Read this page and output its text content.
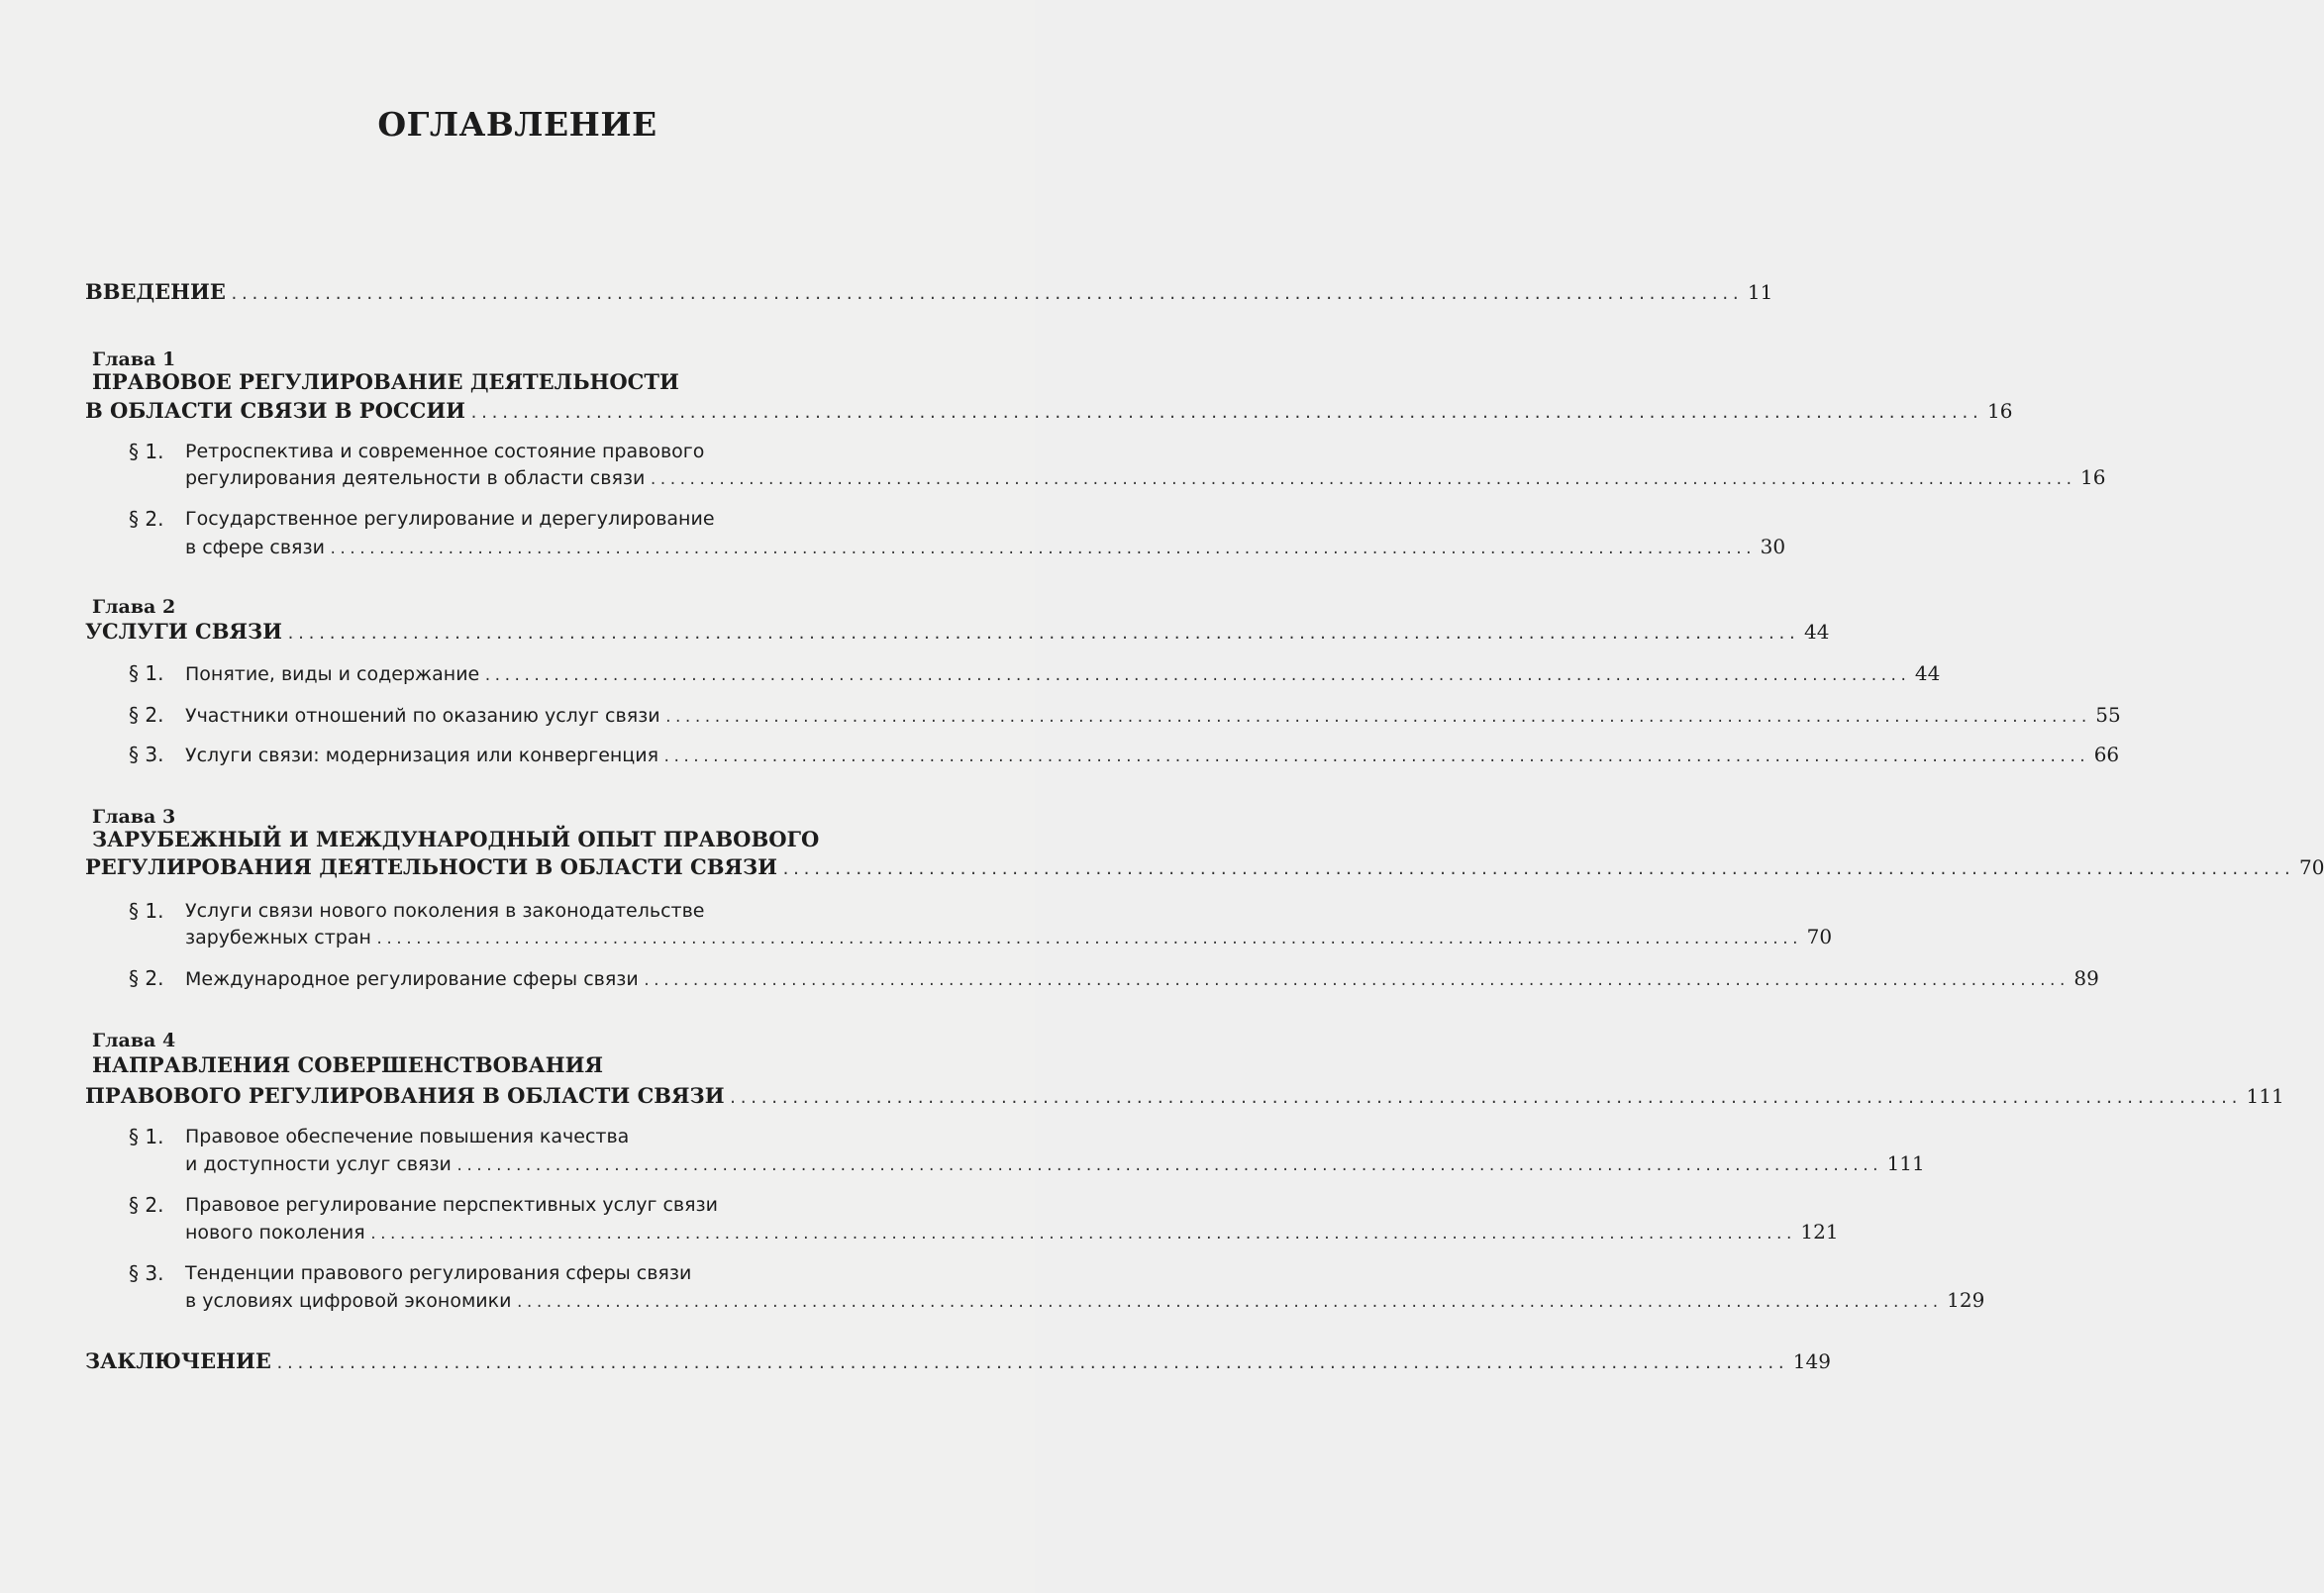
ОГЛАВЛЕНИЕ
ВВЕДЕНИЕ ................................................................................................................................................. 11
Глава 1
ПРАВОВОЕ РЕГУЛИРОВАНИЕ ДЕЯТЕЛЬНОСТИ
В ОБЛАСТИ СВЯЗИ В РОССИИ ................................................................................................................................................. 16
§ 1. Ретроспектива и современное состояние правового
регулирования деятельности в области связи ................................................................................................................................................. 16
§ 2. Государственное регулирование и дерегулирование
в сфере связи ................................................................................................................................................. 30
Глава 2
УСЛУГИ СВЯЗИ ................................................................................................................................................. 44
§ 1.	Понятие, виды и содержание ................................................................................................................................................. 44
§ 2.	Участники отношений по оказанию услуг связи ................................................................................................................................................. 55
§ 3.	Услуги связи: модернизация или конвергенция ................................................................................................................................................. 66
Глава 3
ЗАРУБЕЖНЫЙ И МЕЖДУНАРОДНЫЙ ОПЫТ ПРАВОВОГО
РЕГУЛИРОВАНИЯ ДЕЯТЕЛЬНОСТИ В ОБЛАСТИ СВЯЗИ ................................................................................................................................................. 70
§ 1. Услуги связи нового поколения в законодательстве
зарубежных стран ................................................................................................................................................. 70
§ 2.	Международное регулирование сферы связи ................................................................................................................................................. 89
Глава 4
НАПРАВЛЕНИЯ СОВЕРШЕНСТВОВАНИЯ
ПРАВОВОГО РЕГУЛИРОВАНИЯ В ОБЛАСТИ СВЯЗИ ................................................................................................................................................. 111
§ 1. Правовое обеспечение повышения качества
и доступности услуг связи ................................................................................................................................................. 111
§ 2. Правовое регулирование перспективных услуг связи
нового поколения ................................................................................................................................................. 121
§ 3. Тенденции правового регулирования сферы связи
в условиях цифровой экономики ................................................................................................................................................. 129
ЗАКЛЮЧЕНИЕ ................................................................................................................................................. 149
